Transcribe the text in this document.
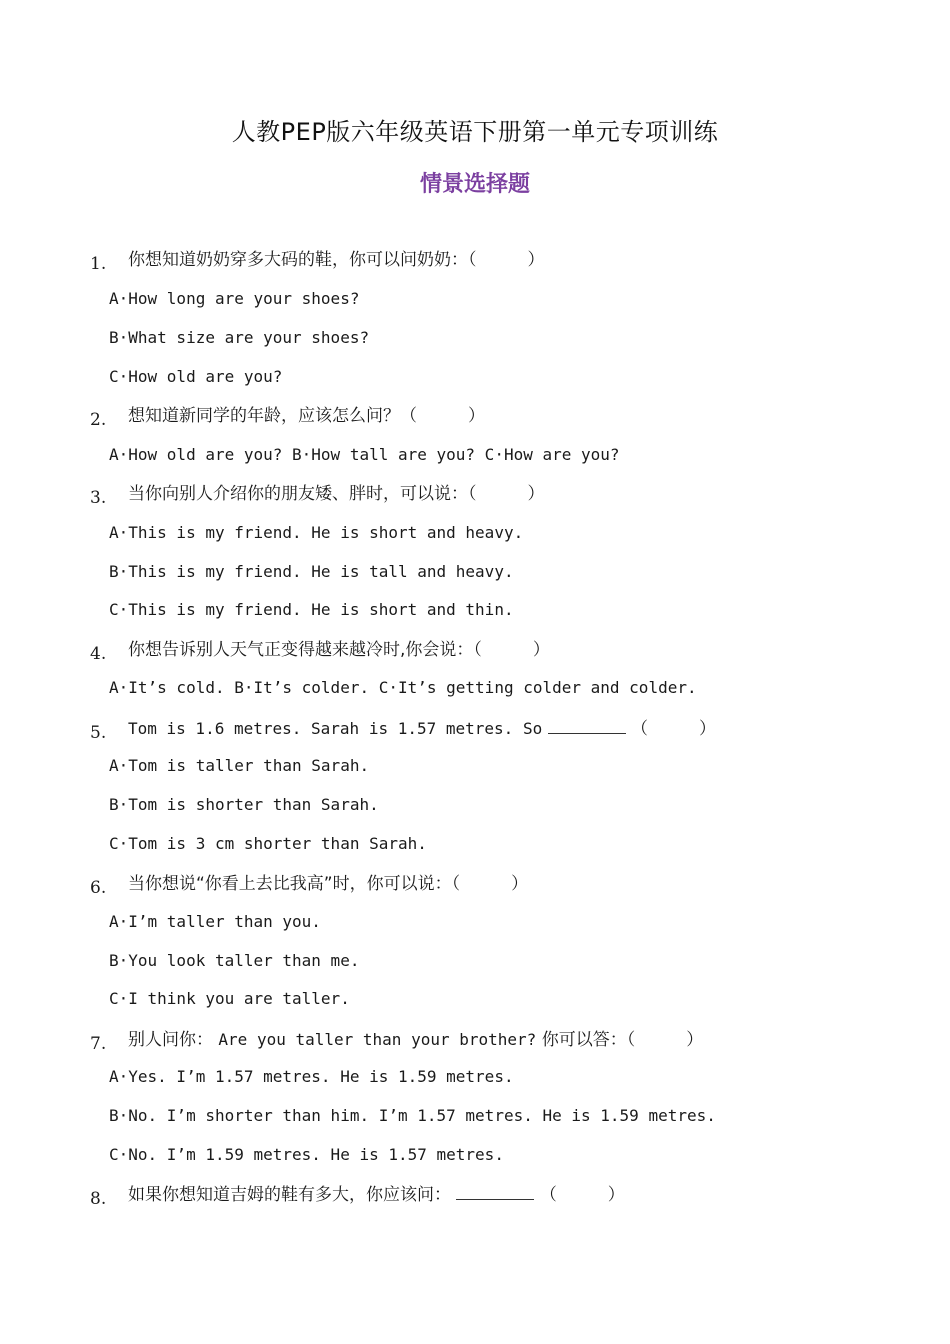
人教PEP版六年级英语下册第一单元专项训练
情景选择题
1. 你想知道奶奶穿多大码的鞋，你可以问奶奶：（　　　）
A·How long are your shoes?
B·What size are your shoes?
C·How old are you?
2. 想知道新同学的年龄，应该怎么问？（　　　）
A·How old are you? B·How tall are you? C·How are you?
3. 当你向别人介绍你的朋友矮、胖时，可以说：（　　　）
A·This is my friend. He is short and heavy.
B·This is my friend. He is tall and heavy.
C·This is my friend. He is short and thin.
4. 你想告诉别人天气正变得越来越冷时,你会说：（　　　）
A·It’s cold. B·It’s colder. C·It’s getting colder and colder.
5. Tom is 1.6 metres. Sarah is 1.57 metres. So	（　　　）
A·Tom is taller than Sarah.
B·Tom is shorter than Sarah.
C·Tom is 3 cm shorter than Sarah.
6. 当你想说“你看上去比我高”时，你可以说：（　　　）
A·I’m taller than you.
B·You look taller than me.
C·I think you are taller.
7. 别人问你： Are you taller than your brother? 你可以答：（　　　）
A·Yes. I’m 1.57 metres. He is 1.59 metres.
B·No. I’m shorter than him. I’m 1.57 metres. He is 1.59 metres.
C·No. I’m 1.59 metres. He is 1.57 metres.
8. 如果你想知道吉姆的鞋有多大，你应该问：	（　　　）
